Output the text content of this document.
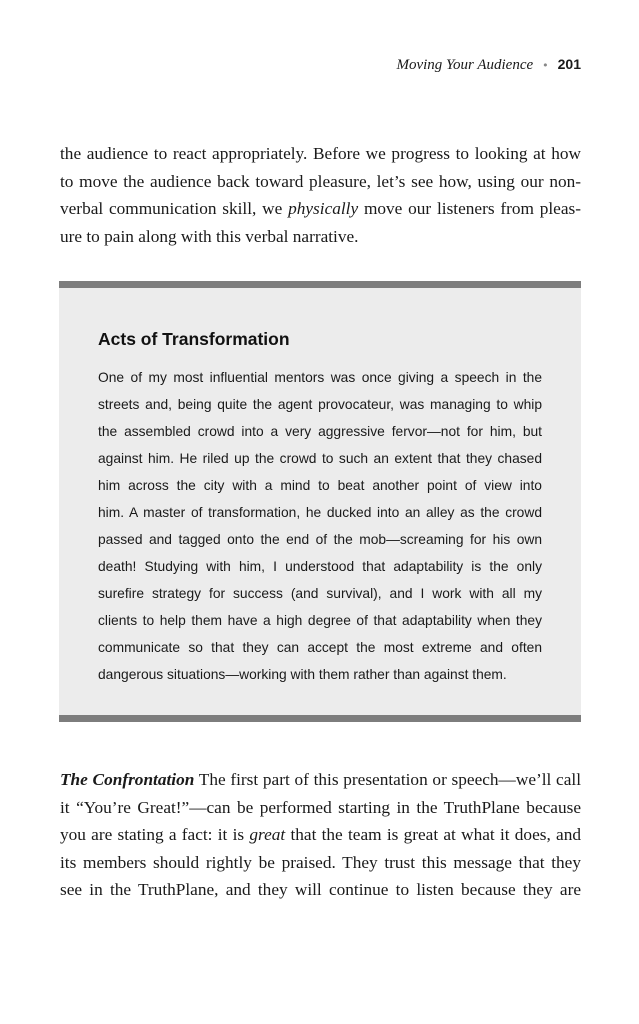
Moving Your Audience • 201

the audience to react appropriately. Before we progress to looking at how
to move the audience back toward pleasure, let’s see how, using our non-
verbal communication skill, we physically move our listeners from pleas-
ure to pain along with this verbal narrative.

Acts of Transformation

One of my most influential mentors was once giving a speech in the
streets and, being quite the agent provocateur, was managing to whip
the assembled crowd into a very aggressive fervor—not for him, but
against him. He riled up the crowd to such an extent that they chased
him across the city with a mind to beat another point of view into
him. A master of transformation, he ducked into an alley as the crowd
passed and tagged onto the end of the mob—screaming for his own
death! Studying with him, I understood that adaptability is the only
surefire strategy for success (and survival), and I work with all my
clients to help them have a high degree of that adaptability when they
communicate so that they can accept the most extreme and often
dangerous situations—working with them rather than against them.

The Confrontation The first part of this presentation or speech—we’ll call
it “You’re Great!”—can be performed starting in the TruthPlane because
you are stating a fact: it is great that the team is great at what it does, and
its members should rightly be praised. They trust this message that they
see in the TruthPlane, and they will continue to listen because they are
